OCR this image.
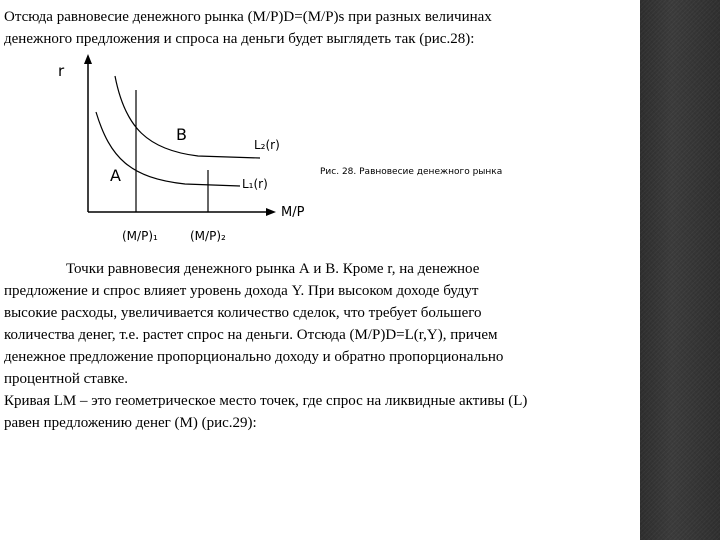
Отсюда равновесие денежного рынка (M/P)D=(M/P)s при разных величинах
денежного предложения и спроса на деньги будет выглядеть так (рис.28):
r
M/P
B
A
L₂(r)
L₁(r)
(M/P)₁	(M/P)₂
Рис. 28. Равновесие денежного рынка
Точки равновесия денежного рынка А и В. Кроме r, на денежное
предложение и спрос влияет уровень дохода Y. При высоком доходе будут
высокие расходы, увеличивается количество сделок, что требует большего
количества денег, т.е. растет спрос на деньги. Отсюда (M/P)D=L(r,Y), причем
денежное предложение пропорционально доходу и обратно пропорционально
процентной ставке.
Кривая LM – это геометрическое место точек, где спрос на ликвидные активы (L)
равен предложению денег (М) (рис.29):
